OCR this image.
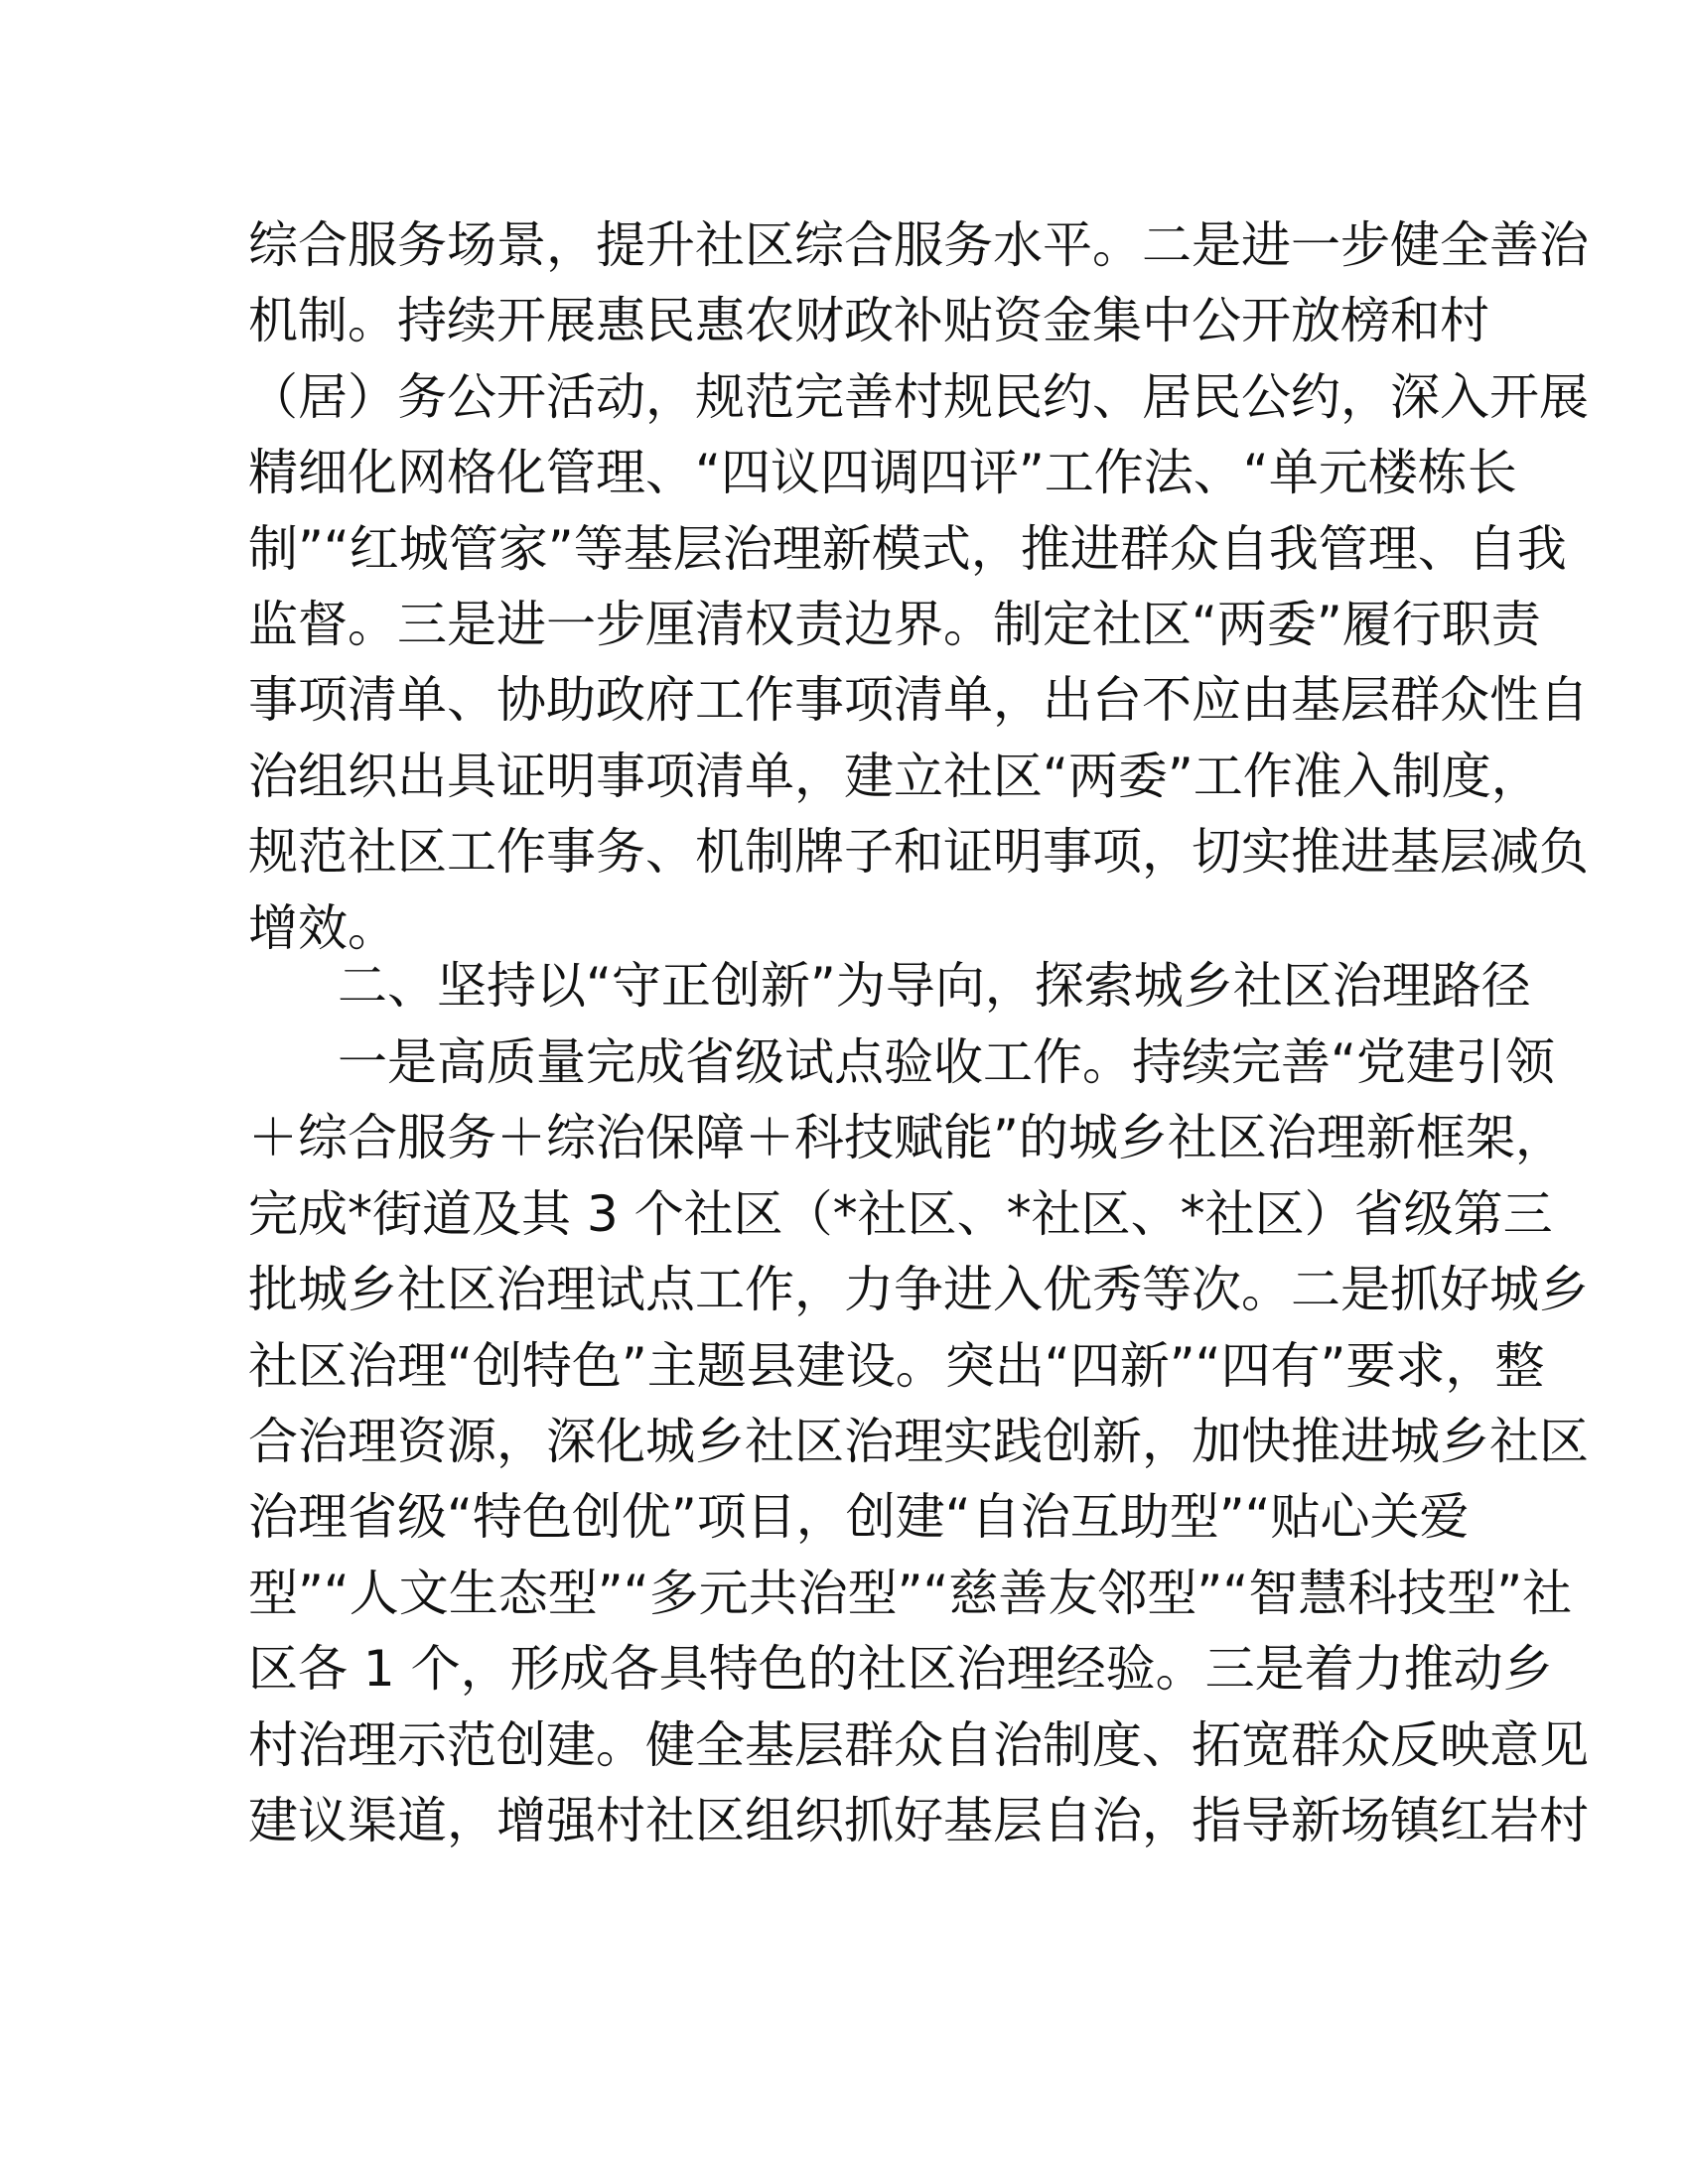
综合服务场景，提升社区综合服务水平。二是进一步健全善治
机制。持续开展惠民惠农财政补贴资金集中公开放榜和村
（居）务公开活动，规范完善村规民约、居民公约，深入开展
精细化网格化管理、“四议四调四评”工作法、“单元楼栋长
制”“红城管家”等基层治理新模式，推进群众自我管理、自我
监督。三是进一步厘清权责边界。制定社区“两委”履行职责
事项清单、协助政府工作事项清单，出台不应由基层群众性自
治组织出具证明事项清单，建立社区“两委”工作准入制度，
规范社区工作事务、机制牌子和证明事项，切实推进基层减负
增效。
二、坚持以“守正创新”为导向，探索城乡社区治理路径
一是高质量完成省级试点验收工作。持续完善“党建引领
＋综合服务＋综治保障＋科技赋能”的城乡社区治理新框架，
完成*街道及其 3 个社区（*社区、*社区、*社区）省级第三
批城乡社区治理试点工作，力争进入优秀等次。二是抓好城乡
社区治理“创特色”主题县建设。突出“四新”“四有”要求，整
合治理资源，深化城乡社区治理实践创新，加快推进城乡社区
治理省级“特色创优”项目，创建“自治互助型”“贴心关爱
型”“人文生态型”“多元共治型”“慈善友邻型”“智慧科技型”社
区各 1 个，形成各具特色的社区治理经验。三是着力推动乡
村治理示范创建。健全基层群众自治制度、拓宽群众反映意见
建议渠道，增强村社区组织抓好基层自治，指导新场镇红岩村
